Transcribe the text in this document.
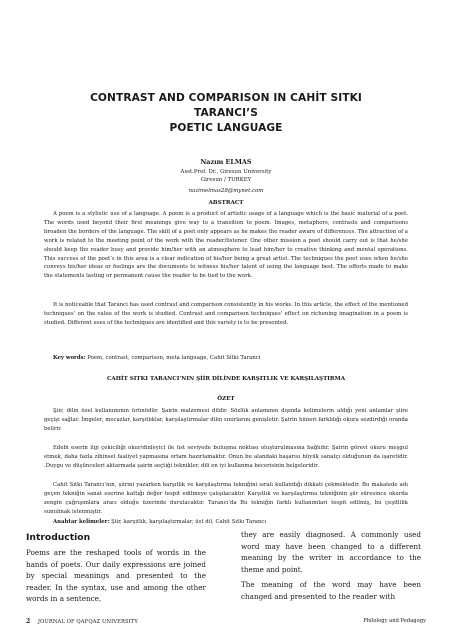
CONTRAST AND COMPARISON IN CAHİT SITKI TARANCI’S
POETIC LANGUAGE
Nazım ELMAS
Asst.Prof. Dr., Giresun University
Giresun / TURKEY
nazimelmas28@mynet.com
ABSTRACT
A poem is a stylistic use of a language. A poem is a product of artistic usage of a language which is the basic material of a poet. The words used beyond their first meanings give way to a transition to poem. Images, metaphors, contrasts and comparisons broaden the borders of the language. The skill of a poet only appears as he makes the reader aware of differences. The attraction of a work is related to the meeting point of the work with the reader/listener. One other mission a poet should carry out is that he/she should keep the reader busy and provide him/her with an atmosphere to lead him/her to creative thinking and mental operations. This success of the poet’s in this area is a clear indication of his/her being a great artist. The techniques the poet uses when he/she conveys his/her ideas or feelings are the documents to witness his/her talent of using the language best. The efforts made to make the statements lasting or permanent cause the reader to be tied to the work.
It is noticeable that Taranci has used contrast and comparison consistently in his works. In this article, the effect of the mentioned techniques’ on the value of the work is studied. Contrast and comparison techniques’ effect on richening imagination in a poem is studied. Different uses of the techniques are identified and this variety is to be presented.
Key words: Poem, contrast, comparison, meta language, Cahit Sitki Taranci
CAHİT SITKI TARANCI’NIN ŞİİR DİLİNDE KARŞITLIK VE KARŞILAŞTIRMA
ÖZET
Şiir, dilin özel kullanımının ürünüdür. Şairin malzemesi dildir. Sözlük anlamının dışında kelimelerin aldığı yeni anlamlar şiire geçişi sağlar. İmgeler, mecazlar, karşıtlıklar, karşılaştırmalar dilin sınırlarını genişletir. Şairin hüneri farklılığı okura sezdirdiği oranda belirir.
Edebi eserin ilgi çekiciliği okur/dinleyici ile üst seviyede buluşma noktası oluşturulmasına bağlıdır. Şairin görevi okuru meşgul etmek, daha fazla zihinsel faaliyet yapmasına ortam hazırlamaktır. Onun bu alandaki başarısı büyük sanatçı olduğunun da işaretidir. .Duygu ve düşünceleri aktarmada şairin seçtiği teknikler, dili en iyi kullanma becerisinin belgeleridir.
Cahit Sıtkı Tarancı’nın, şiirini yazarken karşıtlık ve karşılaştırma tekniğini sıralı kullandığı dikkati çekmektedir. Bu makalede adı geçen tekniğin sanat eserine kattığı değer tespit edilmeye çalışılacaktır. Karşıtlık ve karşılaştırma tekniğinin şiir süresince okurda zengin çağrışımlara aracı olduğu üzerinde durulacaktır. Tarancı’da Bu tekniğin farklı kullanımları tespit edilmiş, bu çeşitlilik sunulmak istenmiştir.
Anahtar kelimeler: Şiir, karşıtlık, karşılaştırmalar, üst dil, Cahit Sıtkı Tarancı
Introduction

Poems are the reshaped tools of words in the hands of poets. Our daily expressions are joined by special meanings and presented to the reader. In the syntax, use and among the other words in a sentence,

they are easily diagnosed. A commonly used word may have been changed to a different meaning by the writer in accordance to the theme and point.

The meaning of the word may have been changed and presented to the reader with

2 JOURNAL OF QAFQAZ UNIVERSITY	Philology and Pedagogy
